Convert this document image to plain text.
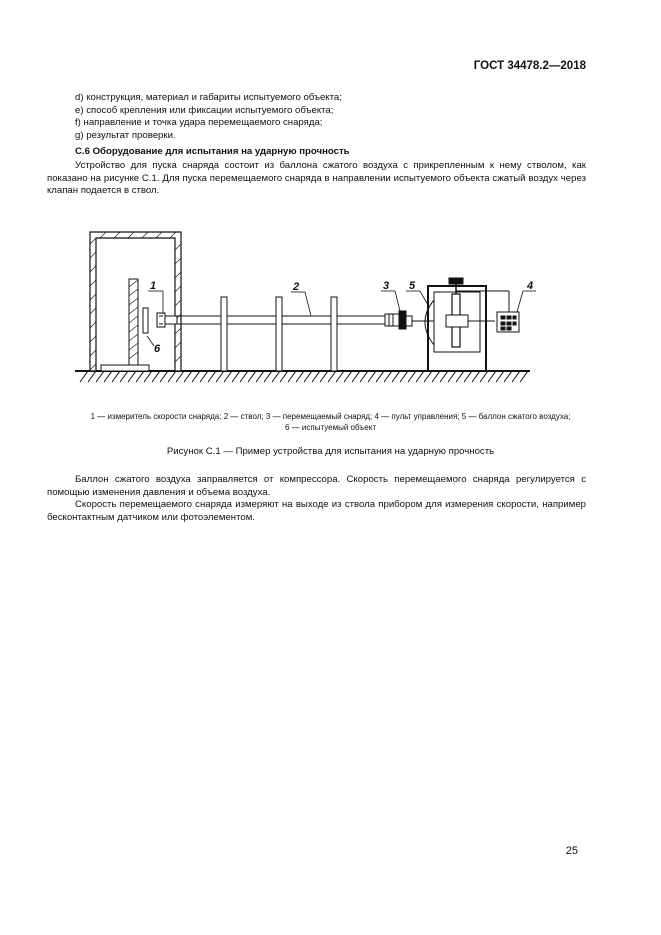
ГОСТ 34478.2—2018

d) конструкция, материал и габариты испытуемого объекта;

e) способ крепления или фиксации испытуемого объекта;

f) направление и точка удара перемещаемого снаряда;

g) результат проверки.

С.6 Оборудование для испытания на ударную прочность

Устройство для пуска снаряда состоит из баллона сжатого воздуха с прикрепленным к нему стволом, как показано на рисунке С.1. Для пуска перемещаемого снаряда в направлении испытуемого объекта сжатый воздух через клапан подается в ствол.

1	2	3	4
5
6
1 — измеритель скорости снаряда; 2 — ствол; 3 — перемещаемый снаряд; 4 — пульт управления; 5 — баллон сжатого воздуха;
6 — испытуемый объект
Рисунок С.1 — Пример устройства для испытания на ударную прочность

Баллон сжатого воздуха заправляется от компрессора. Скорость перемещаемого снаряда регулируется с помощью изменения давления и объема воздуха.

Скорость перемещаемого снаряда измеряют на выходе из ствола прибором для измерения скорости, например бесконтактным датчиком или фотоэлементом.

25
